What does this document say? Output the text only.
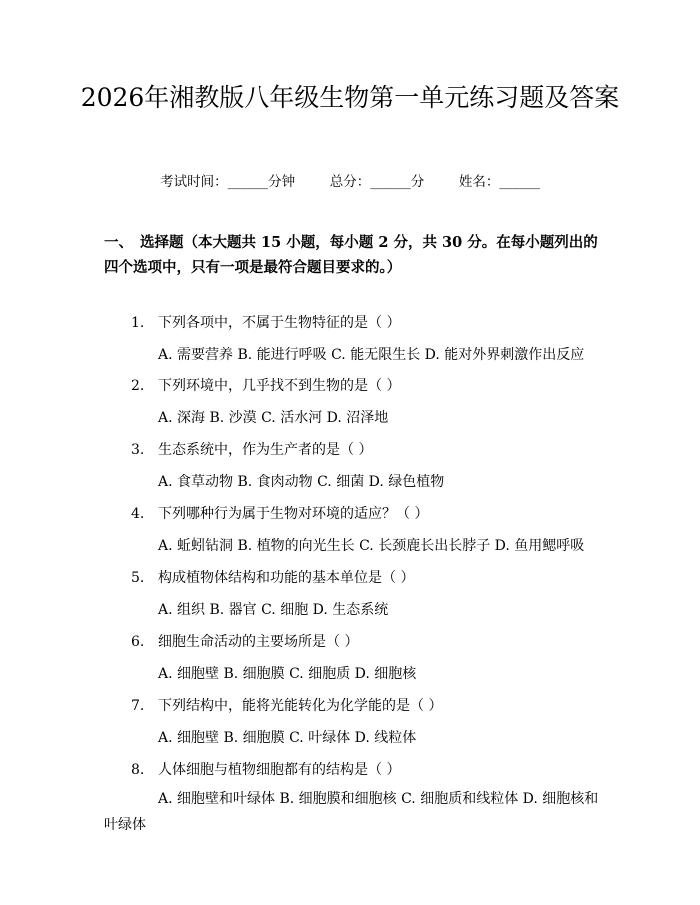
2026年湘教版八年级生物第一单元练习题及答案
考试时间：______分钟	总分：______分	姓名：______

一、 选择题（本大题共 15 小题，每小题 2 分，共 30 分。在每小题列出的四个选项中，只有一项是最符合题目要求的。）

1. 下列各项中，不属于生物特征的是（ ）
A. 需要营养 B. 能进行呼吸 C. 能无限生长 D. 能对外界刺激作出反应
2. 下列环境中，几乎找不到生物的是（ ）
A. 深海 B. 沙漠 C. 活水河 D. 沼泽地
3. 生态系统中，作为生产者的是（ ）
A. 食草动物 B. 食肉动物 C. 细菌 D. 绿色植物
4. 下列哪种行为属于生物对环境的适应？（ ）
A. 蚯蚓钻洞 B. 植物的向光生长 C. 长颈鹿长出长脖子 D. 鱼用鳃呼吸
5. 构成植物体结构和功能的基本单位是（ ）
A. 组织 B. 器官 C. 细胞 D. 生态系统
6. 细胞生命活动的主要场所是（ ）
A. 细胞壁 B. 细胞膜 C. 细胞质 D. 细胞核
7. 下列结构中，能将光能转化为化学能的是（ ）
A. 细胞壁 B. 细胞膜 C. 叶绿体 D. 线粒体
8. 人体细胞与植物细胞都有的结构是（ ）

A. 细胞壁和叶绿体 B. 细胞膜和细胞核 C. 细胞质和线粒体 D. 细胞核和叶绿体
